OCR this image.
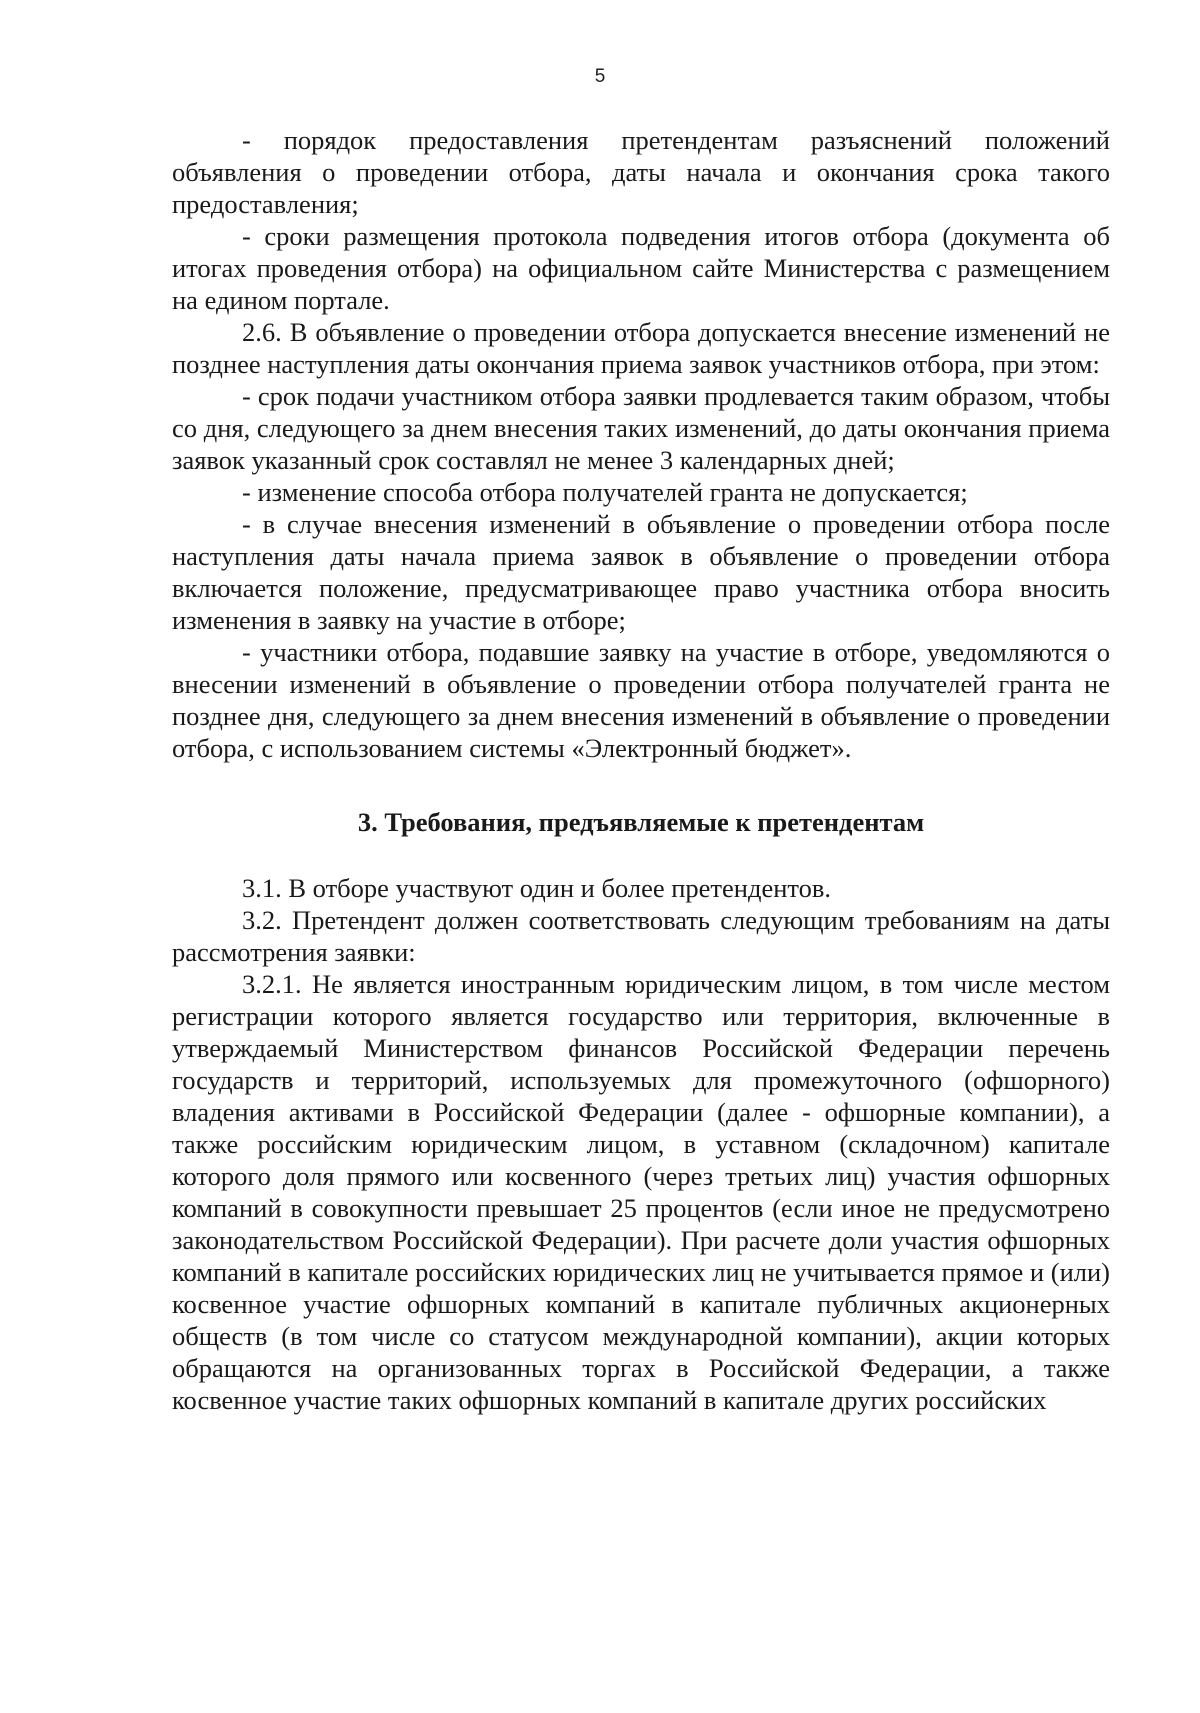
5

- порядок предоставления претендентам разъяснений положений объявления о проведении отбора, даты начала и окончания срока такого предоставления;

- сроки размещения протокола подведения итогов отбора (документа об итогах проведения отбора) на официальном сайте Министерства с размещением на едином портале.

2.6. В объявление о проведении отбора допускается внесение изменений не позднее наступления даты окончания приема заявок участников отбора, при этом:

- срок подачи участником отбора заявки продлевается таким образом, чтобы со дня, следующего за днем внесения таких изменений, до даты окончания приема заявок указанный срок составлял не менее 3 календарных дней;

- изменение способа отбора получателей гранта не допускается;

- в случае внесения изменений в объявление о проведении отбора после наступления даты начала приема заявок в объявление о проведении отбора включается положение, предусматривающее право участника отбора вносить изменения в заявку на участие в отборе;

- участники отбора, подавшие заявку на участие в отборе, уведомляются о внесении изменений в объявление о проведении отбора получателей гранта не позднее дня, следующего за днем внесения изменений в объявление о проведении отбора, с использованием системы «Электронный бюджет».

3. Требования, предъявляемые к претендентам

3.1. В отборе участвуют один и более претендентов.

3.2. Претендент должен соответствовать следующим требованиям на даты рассмотрения заявки:

3.2.1. Не является иностранным юридическим лицом, в том числе местом регистрации которого является государство или территория, включенные в утверждаемый Министерством финансов Российской Федерации перечень государств и территорий, используемых для промежуточного (офшорного) владения активами в Российской Федерации (далее - офшорные компании), а также российским юридическим лицом, в уставном (складочном) капитале которого доля прямого или косвенного (через третьих лиц) участия офшорных компаний в совокупности превышает 25 процентов (если иное не предусмотрено законодательством Российской Федерации). При расчете доли участия офшорных компаний в капитале российских юридических лиц не учитывается прямое и (или) косвенное участие офшорных компаний в капитале публичных акционерных обществ (в том числе со статусом международной компании), акции которых обращаются на организованных торгах в Российской Федерации, а также косвенное участие таких офшорных компаний в капитале других российских
